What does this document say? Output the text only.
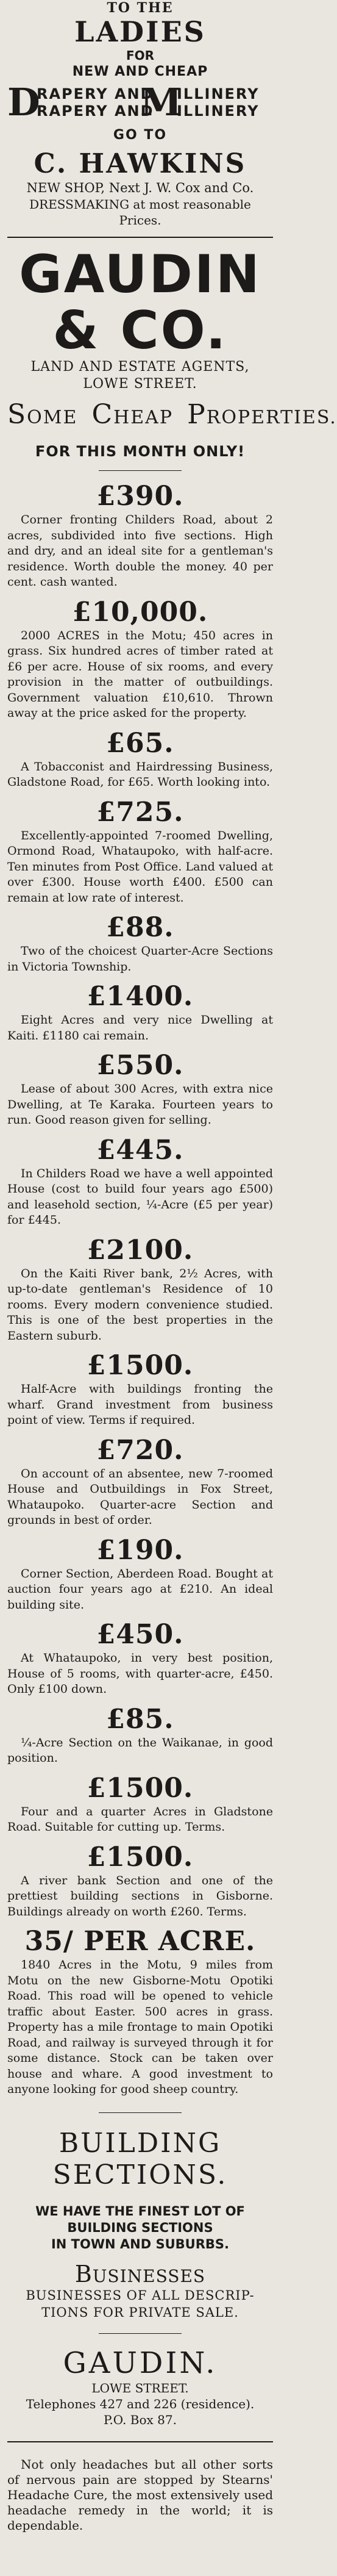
TO THE

LADIES

FOR

NEW AND CHEAP

D
RAPERY AND
RAPERY AND
M
ILLINERY
ILLINERY

GO TO

C. HAWKINS

NEW SHOP, Next J. W. Cox and Co.

DRESSMAKING at most reasonable

Prices.

GAUDIN & CO.

LAND AND ESTATE AGENTS,

LOWE STREET.

SOME CHEAP PROPERTIES.

FOR THIS MONTH ONLY!

£390.

Corner fronting Childers Road, about 2 acres, subdivided into five sections. High and dry, and an ideal site for a gentleman's residence. Worth double the money. 40 per cent. cash wanted.

£10,000.

2000 ACRES in the Motu; 450 acres in grass. Six hundred acres of timber rated at £6 per acre. House of six rooms, and every provision in the matter of outbuildings. Government valuation £10,610. Thrown away at the price asked for the property.

£65.

A Tobacconist and Hairdressing Business, Gladstone Road, for £65. Worth looking into.

£725.

Excellently-appointed 7-roomed Dwelling, Ormond Road, Whataupoko, with half-acre. Ten minutes from Post Office. Land valued at over £300. House worth £400. £500 can remain at low rate of interest.

£88.

Two of the choicest Quarter-Acre Sections in Victoria Township.

£1400.

Eight Acres and very nice Dwelling at Kaiti. £1180 cai remain.

£550.

Lease of about 300 Acres, with extra nice Dwelling, at Te Karaka. Fourteen years to run. Good reason given for selling.

£445.

In Childers Road we have a well appointed House (cost to build four years ago £500) and leasehold section, ¼-Acre (£5 per year) for £445.

£2100.

On the Kaiti River bank, 2½ Acres, with up-to-date gentleman's Residence of 10 rooms. Every modern convenience studied. This is one of the best properties in the Eastern suburb.

£1500.

Half-Acre with buildings fronting the wharf. Grand investment from business point of view. Terms if required.

£720.

On account of an absentee, new 7-roomed House and Outbuildings in Fox Street, Whataupoko. Quarter-acre Section and grounds in best of order.

£190.

Corner Section, Aberdeen Road. Bought at auction four years ago at £210. An ideal building site.

£450.

At Whataupoko, in very best position, House of 5 rooms, with quarter-acre, £450. Only £100 down.

£85.

¼-Acre Section on the Waikanae, in good position.

£1500.

Four and a quarter Acres in Gladstone Road. Suitable for cutting up. Terms.

£1500.

A river bank Section and one of the prettiest building sections in Gisborne. Buildings already on worth £260. Terms.

35/ PER ACRE.

1840 Acres in the Motu, 9 miles from Motu on the new Gisborne-Motu Opotiki Road. This road will be opened to vehicle traffic about Easter. 500 acres in grass. Property has a mile frontage to main Opotiki Road, and railway is surveyed through it for some distance. Stock can be taken over house and whare. A good investment to anyone looking for good sheep country.

BUILDING

SECTIONS.

WE HAVE THE FINEST LOT OF

BUILDING SECTIONS

IN TOWN AND SUBURBS.

BUSINESSES

BUSINESSES OF ALL DESCRIP-

TIONS FOR PRIVATE SALE.

GAUDIN.

LOWE STREET.

Telephones 427 and 226 (residence).

P.O. Box 87.

Not only headaches but all other sorts of nervous pain are stopped by Stearns' Headache Cure, the most extensively used headache remedy in the world; it is dependable.
